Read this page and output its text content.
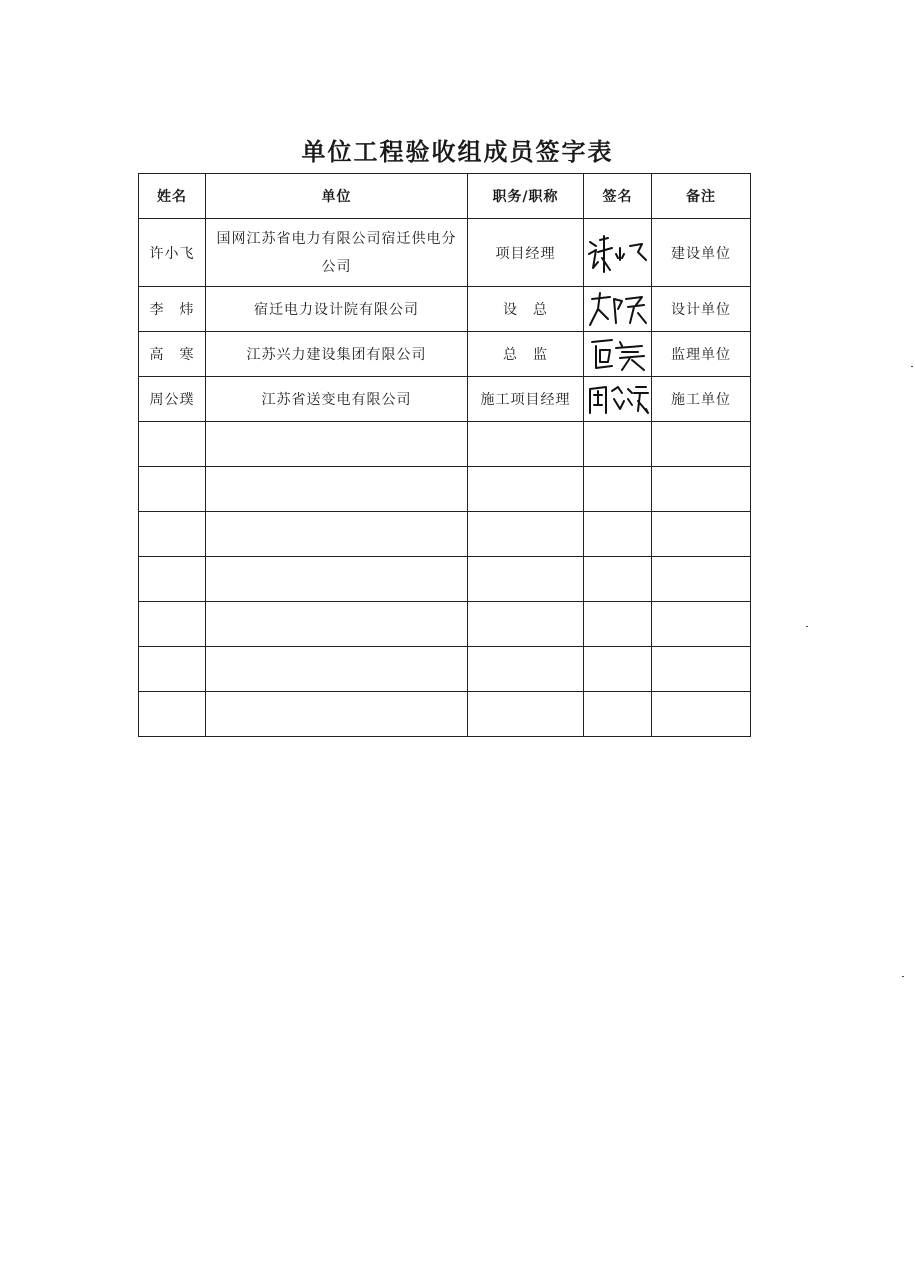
单位工程验收组成员签字表
姓名	单位	职务/职称	签名	备注
许小飞	国网江苏省电力有限公司宿迁供电分公司	项目经理		建设单位
李　炜	宿迁电力设计院有限公司	设　总		设计单位
高　寒	江苏兴力建设集团有限公司	总　监		监理单位
周公璞	江苏省送变电有限公司	施工项目经理		施工单位
